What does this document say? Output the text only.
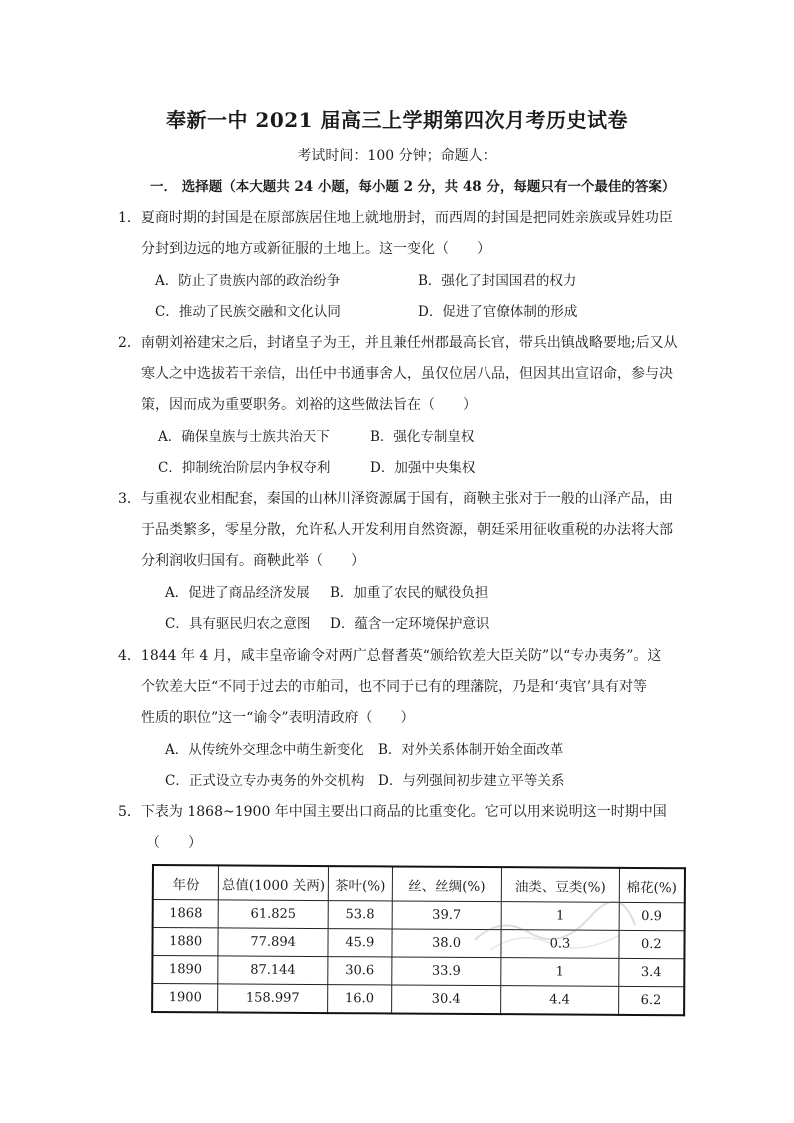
奉新一中 2021 届高三上学期第四次月考历史试卷
考试时间：100 分钟；命题人：
一． 选择题（本大题共 24 小题，每小题 2 分，共 48 分，每题只有一个最佳的答案）
1．夏商时期的封国是在原部族居住地上就地册封，而西周的封国是把同姓亲族或异姓功臣
分封到边远的地方或新征服的土地上。这一变化（　　）
A．防止了贵族内部的政治纷争	B．强化了封国国君的权力
C．推动了民族交融和文化认同	D．促进了官僚体制的形成
2．南朝刘裕建宋之后，封诸皇子为王，并且兼任州郡最高长官，带兵出镇战略要地;后又从
寒人之中选拔若干亲信，出任中书通事舍人，虽仅位居八品，但因其出宣诏命，参与决
策，因而成为重要职务。刘裕的这些做法旨在（　　）
A．确保皇族与士族共治天下	B．强化专制皇权
C．抑制统治阶层内争权夺利	D．加强中央集权
3．与重视农业相配套，秦国的山林川泽资源属于国有，商鞅主张对于一般的山泽产品，由
于品类繁多，零星分散，允许私人开发利用自然资源，朝廷采用征收重税的办法将大部
分利润收归国有。商鞅此举（　　）
A．促进了商品经济发展 B．加重了农民的赋役负担
C．具有驱民归农之意图 D．蕴含一定环境保护意识
4．1844 年 4 月，咸丰皇帝谕令对两广总督耆英“颁给钦差大臣关防”以“专办夷务”。这
个钦差大臣“不同于过去的市舶司，也不同于已有的理藩院，乃是和‘夷官’具有对等
性质的职位”这一“谕令”表明清政府（　　）
A．从传统外交理念中萌生新变化 B．对外关系体制开始全面改革
C．正式设立专办夷务的外交机构 D．与列强间初步建立平等关系
5．下表为 1868~1900 年中国主要出口商品的比重变化。它可以用来说明这一时期中国
（　　）
年份	总值(1000 关两)	茶叶(%)	丝、丝绸(%)	油类、豆类(%)	棉花(%)
1868	61.825	53.8	39.7	1	0.9
1880	77.894	45.9	38.0	0.3	0.2
1890	87.144	30.6	33.9	1	3.4
1900	158.997	16.0	30.4	4.4	6.2
